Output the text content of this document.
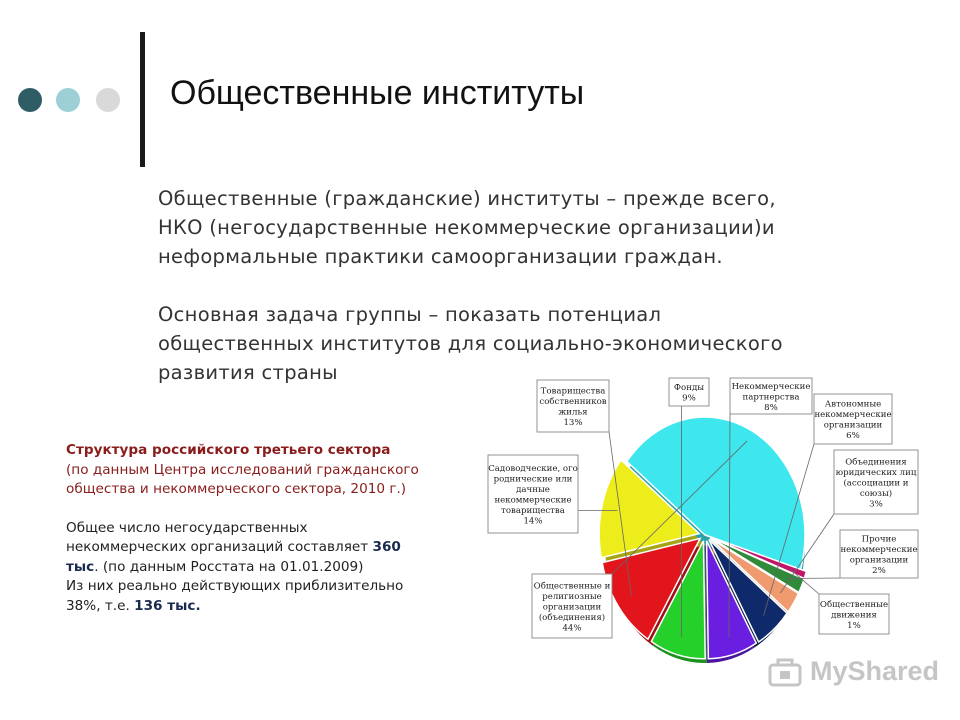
Общественные институты

Общественные (гражданские) институты – прежде всего,

НКО (негосударственные некоммерческие организации)и

неформальные практики самоорганизации граждан.

Основная задача группы – показать потенциал

общественных институтов для социально-экономического

развития страны

Структура российского третьего сектора
(по данным Центра исследований гражданского
общества и некоммерческого сектора, 2010 г.)
Общее число негосударственных
некоммерческих организаций составляет 360
тыс. (по данным Росстата на 01.01.2009)
Из них реально действующих приблизительно
38%, т.е. 136 тыс.
Общественные и
религиозные
организации
(объединения)
44%
Садоводческие, ого
роднические или
дачные
некоммерческие
товарищества
14%
Товарищества
собственников
жилья
13%
Фонды
9%
Некоммерческие
партнерства
8%	Автономные
некоммерческие
организации
6%
Объединения
юридических лиц
(ассоциации и
союзы)
3%
Прочие
некоммерческие
организации
2%
Общественные
движения
1%
MyShared
